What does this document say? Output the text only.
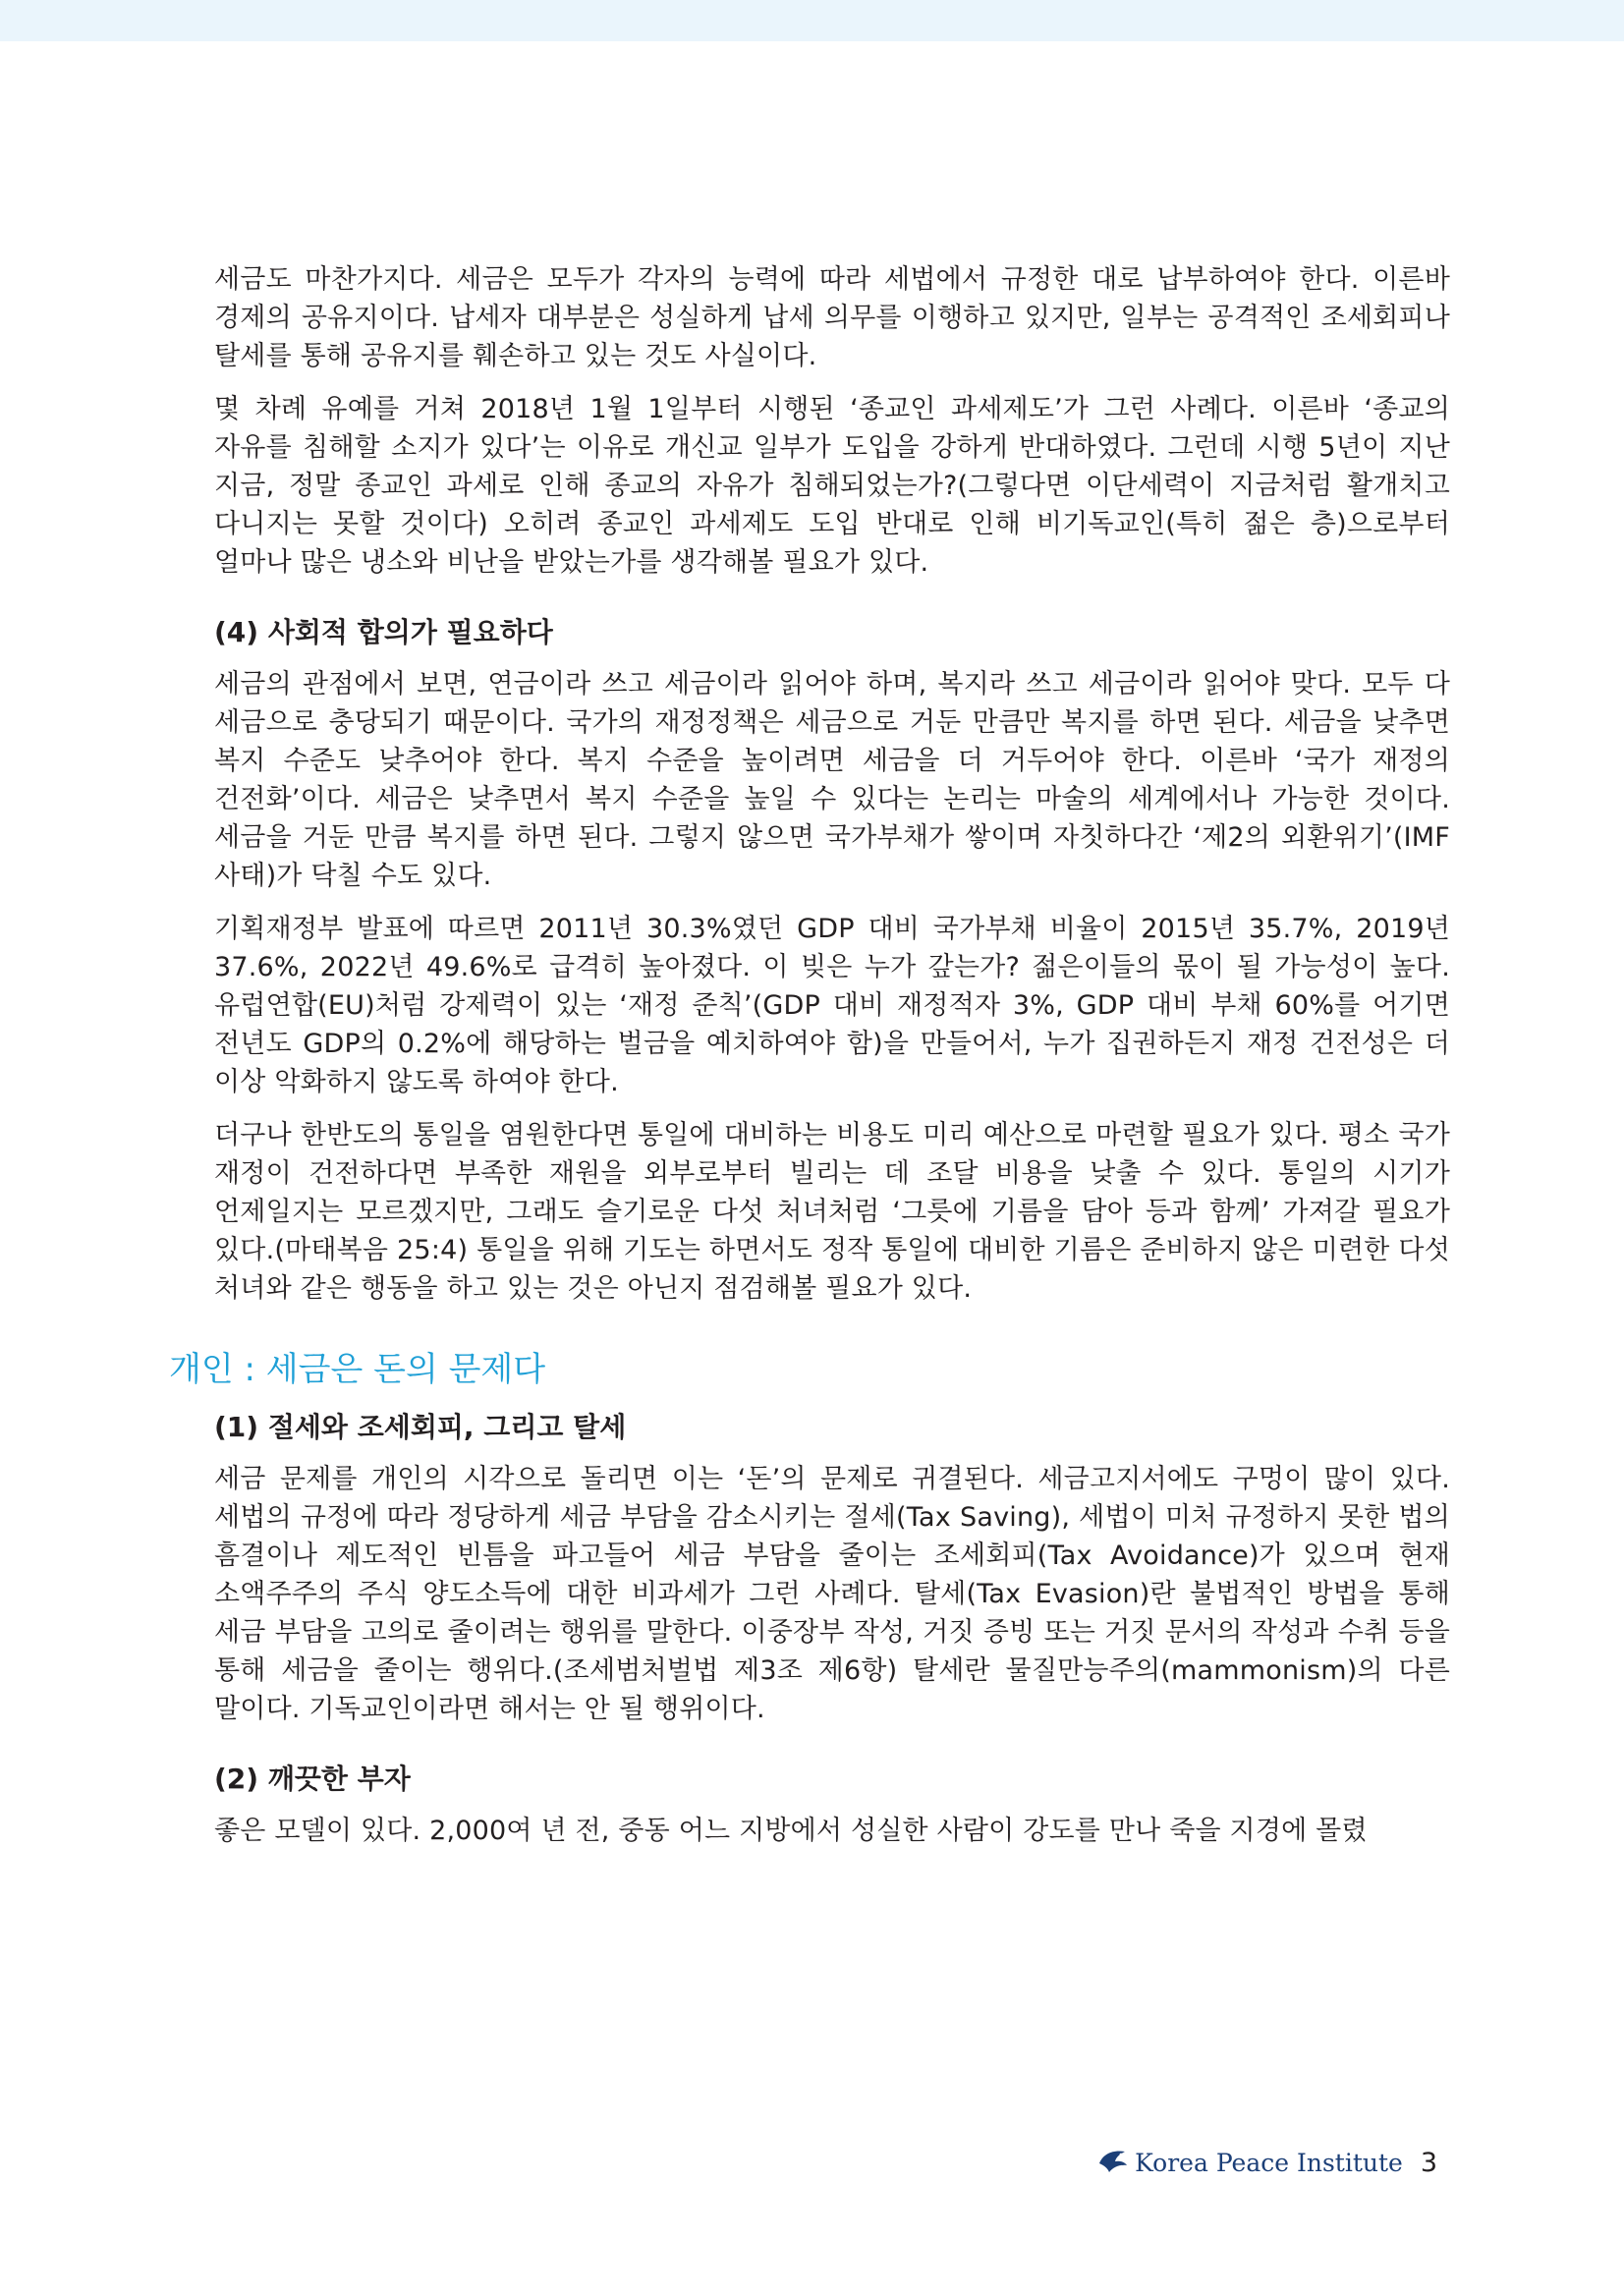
세금도 마찬가지다. 세금은 모두가 각자의 능력에 따라 세법에서 규정한 대로 납부하여야 한다. 이른바 경제의 공유지이다. 납세자 대부분은 성실하게 납세 의무를 이행하고 있지만, 일부는 공격적인 조세회피나 탈세를 통해 공유지를 훼손하고 있는 것도 사실이다.

몇 차례 유예를 거쳐 2018년 1월 1일부터 시행된 ‘종교인 과세제도’가 그런 사례다. 이른바 ‘종교의 자유를 침해할 소지가 있다’는 이유로 개신교 일부가 도입을 강하게 반대하였다. 그런데 시행 5년이 지난 지금, 정말 종교인 과세로 인해 종교의 자유가 침해되었는가?(그렇다면 이단세력이 지금처럼 활개치고 다니지는 못할 것이다) 오히려 종교인 과세제도 도입 반대로 인해 비기독교인(특히 젊은 층)으로부터 얼마나 많은 냉소와 비난을 받았는가를 생각해볼 필요가 있다.

(4) 사회적 합의가 필요하다

세금의 관점에서 보면, 연금이라 쓰고 세금이라 읽어야 하며, 복지라 쓰고 세금이라 읽어야 맞다. 모두 다 세금으로 충당되기 때문이다. 국가의 재정정책은 세금으로 거둔 만큼만 복지를 하면 된다. 세금을 낮추면 복지 수준도 낮추어야 한다. 복지 수준을 높이려면 세금을 더 거두어야 한다. 이른바 ‘국가 재정의 건전화’이다. 세금은 낮추면서 복지 수준을 높일 수 있다는 논리는 마술의 세계에서나 가능한 것이다. 세금을 거둔 만큼 복지를 하면 된다. 그렇지 않으면 국가부채가 쌓이며 자칫하다간 ‘제2의 외환위기’(IMF 사태)가 닥칠 수도 있다.

기획재정부 발표에 따르면 2011년 30.3%였던 GDP 대비 국가부채 비율이 2015년 35.7%, 2019년 37.6%, 2022년 49.6%로 급격히 높아졌다. 이 빚은 누가 갚는가? 젊은이들의 몫이 될 가능성이 높다. 유럽연합(EU)처럼 강제력이 있는 ‘재정 준칙’(GDP 대비 재정적자 3%, GDP 대비 부채 60%를 어기면 전년도 GDP의 0.2%에 해당하는 벌금을 예치하여야 함)을 만들어서, 누가 집권하든지 재정 건전성은 더 이상 악화하지 않도록 하여야 한다.

더구나 한반도의 통일을 염원한다면 통일에 대비하는 비용도 미리 예산으로 마련할 필요가 있다. 평소 국가 재정이 건전하다면 부족한 재원을 외부로부터 빌리는 데 조달 비용을 낮출 수 있다. 통일의 시기가 언제일지는 모르겠지만, 그래도 슬기로운 다섯 처녀처럼 ‘그릇에 기름을 담아 등과 함께’ 가져갈 필요가 있다.(마태복음 25:4) 통일을 위해 기도는 하면서도 정작 통일에 대비한 기름은 준비하지 않은 미련한 다섯 처녀와 같은 행동을 하고 있는 것은 아닌지 점검해볼 필요가 있다.

개인 : 세금은 돈의 문제다
(1) 절세와 조세회피, 그리고 탈세

세금 문제를 개인의 시각으로 돌리면 이는 ‘돈’의 문제로 귀결된다. 세금고지서에도 구멍이 많이 있다. 세법의 규정에 따라 정당하게 세금 부담을 감소시키는 절세(Tax Saving), 세법이 미처 규정하지 못한 법의 흠결이나 제도적인 빈틈을 파고들어 세금 부담을 줄이는 조세회피(Tax Avoidance)가 있으며 현재 소액주주의 주식 양도소득에 대한 비과세가 그런 사례다. 탈세(Tax Evasion)란 불법적인 방법을 통해 세금 부담을 고의로 줄이려는 행위를 말한다. 이중장부 작성, 거짓 증빙 또는 거짓 문서의 작성과 수취 등을 통해 세금을 줄이는 행위다.(조세범처벌법 제3조 제6항) 탈세란 물질만능주의(mammonism)의 다른 말이다. 기독교인이라면 해서는 안 될 행위이다.

(2) 깨끗한 부자

좋은 모델이 있다. 2,000여 년 전, 중동 어느 지방에서 성실한 사람이 강도를 만나 죽을 지경에 몰렸

Korea Peace Institute 3
